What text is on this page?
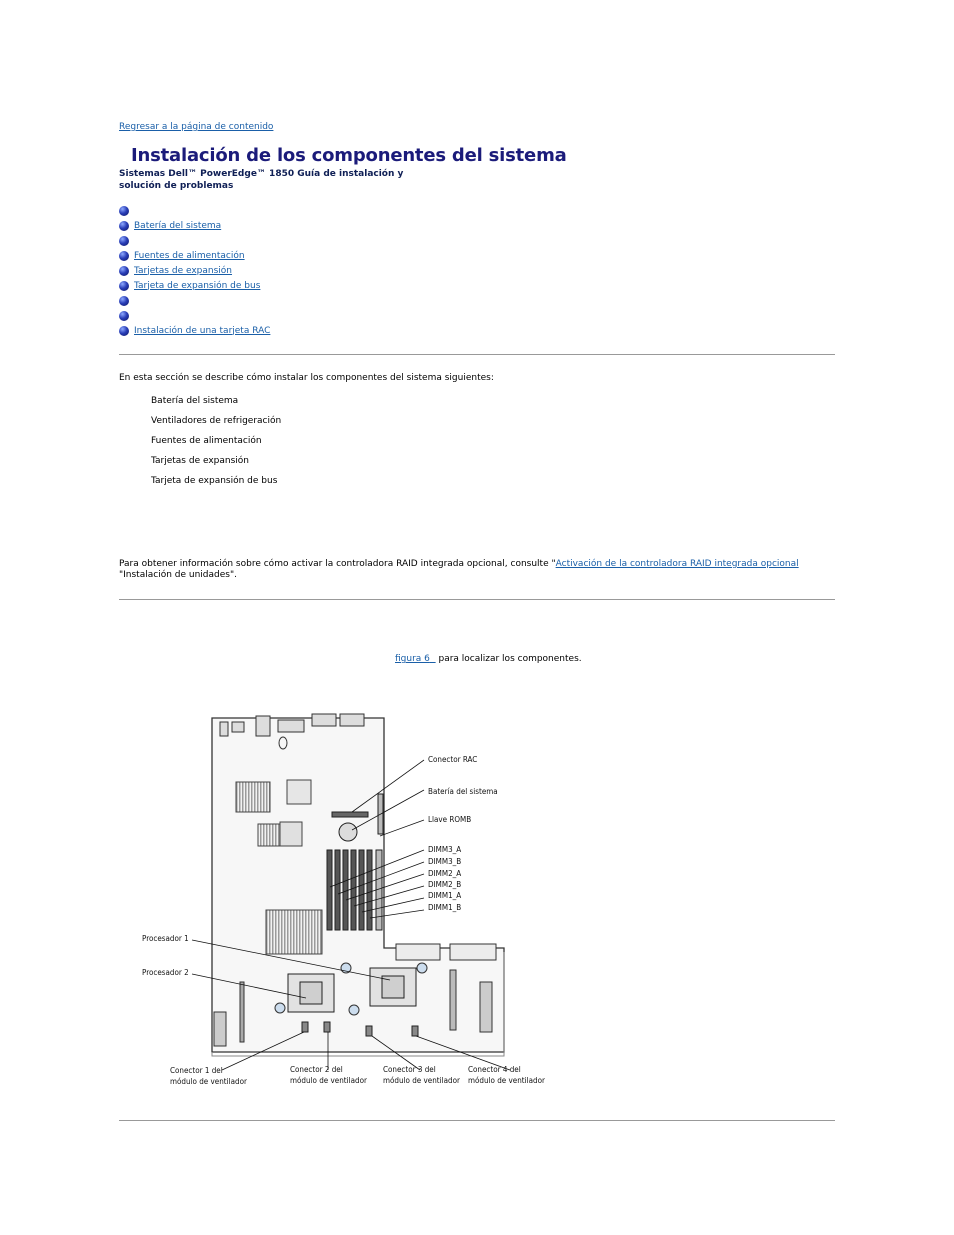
Regresar a la página de contenido
Instalación de los componentes del sistema
Sistemas Dell™ PowerEdge™ 1850 Guía de instalación y solución de problemas
Batería del sistema
Fuentes de alimentación
Tarjetas de expansión
Tarjeta de expansión de bus
Instalación de una tarjeta RAC
En esta sección se describe cómo instalar los componentes del sistema siguientes:
Batería del sistema
Ventiladores de refrigeración
Fuentes de alimentación
Tarjetas de expansión
Tarjeta de expansión de bus
Para obtener información sobre cómo activar la controladora RAID integrada opcional, consulte "Activación de la controladora RAID integrada opcional
"Instalación de unidades".
figura 6   para localizar los componentes.
Conector RAC
Batería del sistema
Llave ROMB
DIMM3_A
DIMM3_B
DIMM2_A
DIMM2_B
DIMM1_A
DIMM1_B
Procesador 1
Procesador 2
Conector 1 del
módulo de ventilador
Conector 2 del
módulo de ventilador
Conector 3 del
módulo de ventilador
Conector 4 del
módulo de ventilador
